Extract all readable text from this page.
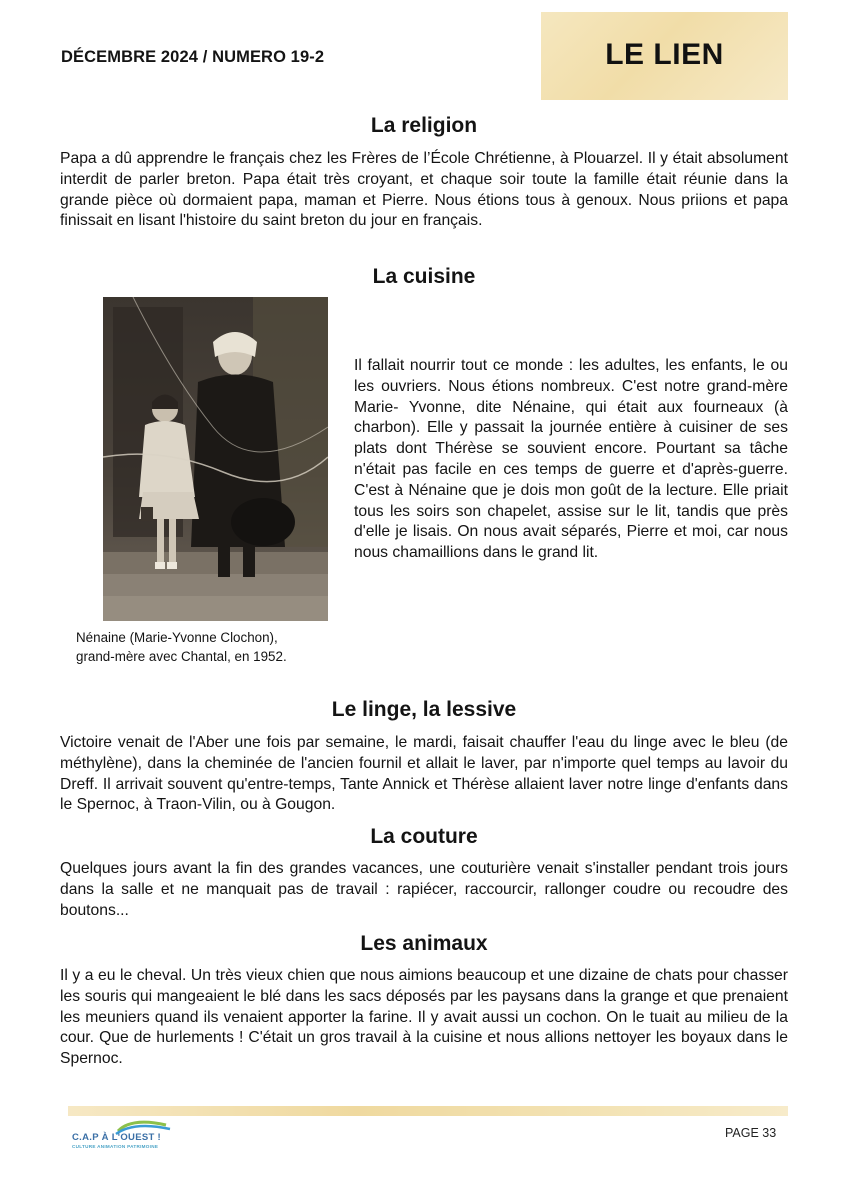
DÉCEMBRE 2024 / NUMERO 19-2	LE LIEN
La religion

Papa a dû apprendre le français chez les Frères de l’École Chrétienne, à Plouarzel. Il y était absolument interdit de parler breton. Papa était très croyant, et chaque soir toute la famille était réunie dans la grande pièce où dormaient papa, maman et Pierre. Nous étions tous à genoux. Nous priions et papa finissait en lisant l'histoire du saint breton du jour en français.

La cuisine

Il fallait nourrir tout ce monde : les adultes, les enfants, le ou les ouvriers. Nous étions nombreux. C'est notre grand-mère Marie- Yvonne, dite Nénaine, qui était aux fourneaux (à charbon). Elle y passait la journée entière à cuisiner de ses plats dont Thérèse se souvient encore. Pourtant sa tâche n'était pas facile en ces temps de guerre et d'après-guerre. C'est à Nénaine que je dois mon goût de la lecture. Elle priait tous les soirs son chapelet, assise sur le lit, tandis que près d'elle je lisais. On nous avait séparés, Pierre et moi, car nous nous chamaillions dans le grand lit.

Nénaine (Marie-Yvonne Clochon),
grand-mère avec Chantal, en 1952.

Le linge, la lessive

Victoire venait de l'Aber une fois par semaine, le mardi, faisait chauffer l'eau du linge avec le bleu (de méthylène), dans la cheminée de l'ancien fournil et allait le laver, par n'importe quel temps au lavoir du Dreff. Il arrivait souvent qu'entre-temps, Tante Annick et Thérèse allaient laver notre linge d'enfants dans le Spernoc, à Traon-Vilin, ou à Gougon.

La couture

Quelques jours avant la fin des grandes vacances, une couturière venait s'installer pendant trois jours dans la salle et ne manquait pas de travail : rapiécer, raccourcir, rallonger coudre ou recoudre des boutons...

Les animaux

Il y a eu le cheval. Un très vieux chien que nous aimions beaucoup et une dizaine de chats pour chasser les souris qui mangeaient le blé dans les sacs déposés par les paysans dans la grange et que prenaient les meuniers quand ils venaient apporter la farine. Il y avait aussi un cochon. On le tuait au milieu de la cour. Que de hurlements ! C'était un gros travail à la cuisine et nous allions nettoyer les boyaux dans le Spernoc.

C.A.P À L'OUEST !
CULTURE ANIMATION PATRIMOINE
PAGE 33
